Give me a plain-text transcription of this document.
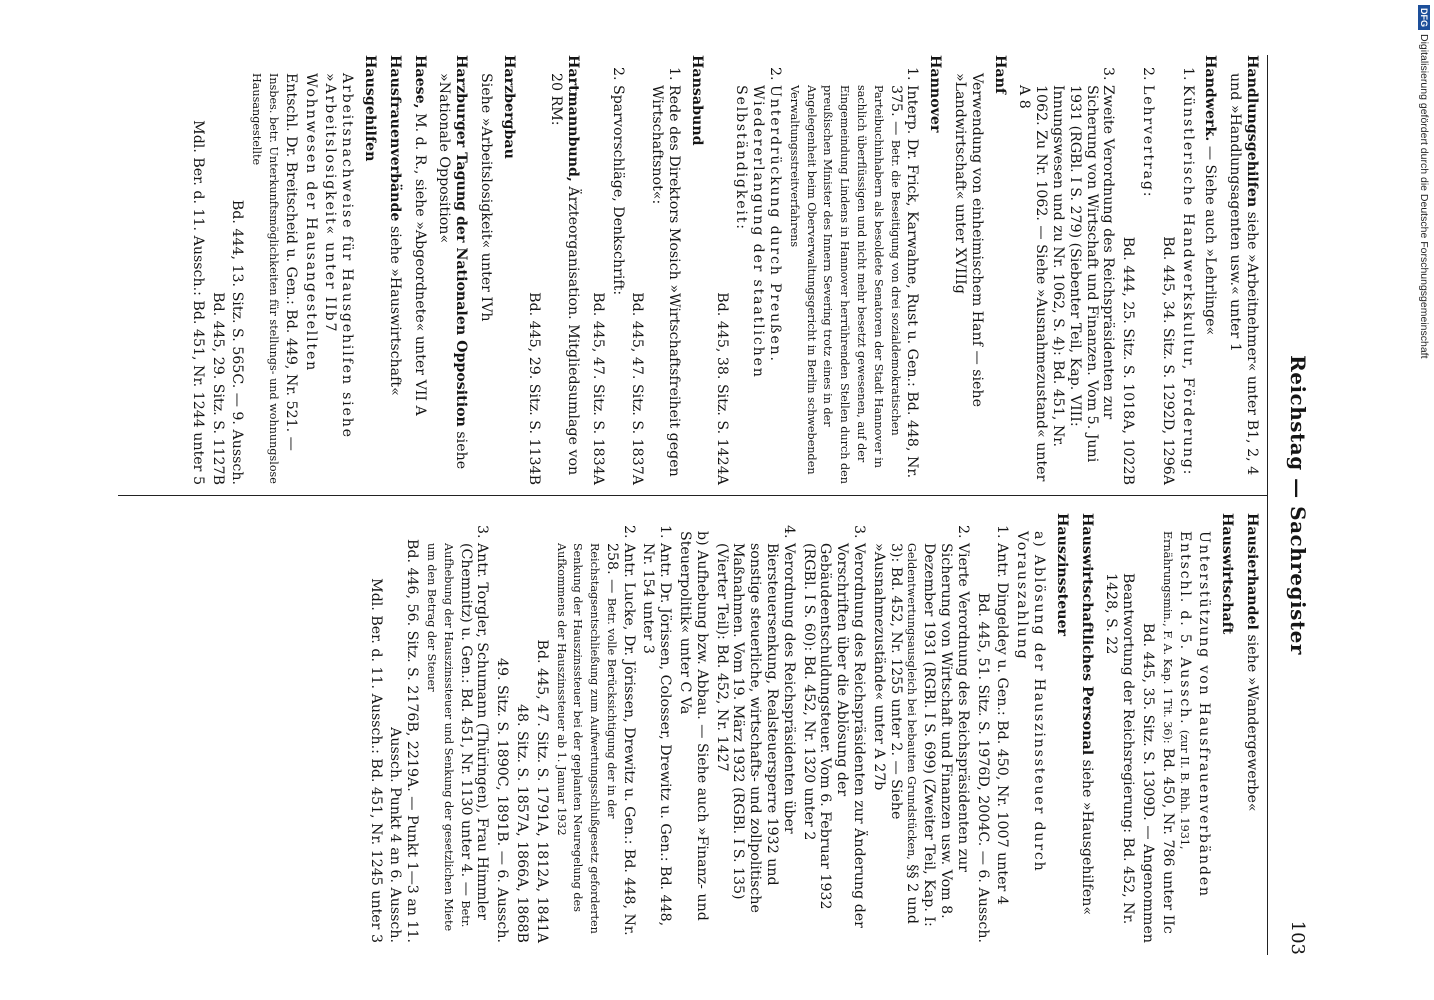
Reichstag — Sachregister
103

Handlungsgehilfen siehe »Arbeitnehmer« unter B1, 2, 4 und »Handlungsagenten usw.« unter 1

Handwerk. — Siehe auch »Lehrlinge«

1.
Künstlerische Handwerkskultur, Förderung:
Bd. 445, 34. Sitz. S. 1292D, 1296A
2.
Lehrvertrag:
Bd. 444, 25. Sitz. S. 1018A, 1022B
3.
Zweite Verordnung des Reichspräsidenten zur Sicherung von Wirtschaft und Finanzen. Vom 5. Juni 1931 (RGBl. I S. 279) (Siebenter Teil, Kap. VIII: Innungswesen und zu Nr. 1062, S. 4): Bd. 451, Nr. 1062. Zu Nr. 1062. — Siehe »Ausnahmezustand« unter A 8

Hanf

Verwendung von einheimischem Hanf — siehe »Landwirtschaft« unter XVIIIg

Hannover

1.
Interp. Dr. Frick, Karwahne, Rust u. Gen.: Bd. 448, Nr. 375. — Betr. die Beseitigung von drei sozialdemokratischen Parteibuchinhabern als besoldete Senatoren der Stadt Hannover in sachlich überflüssigen und nicht mehr besetzt gewesenen, auf der Eingemeindung Lindens in Hannover herrührenden Stellen durch den preußischen Minister des Innern Severing trotz eines in der Angelegenheit beim Oberverwaltungsgericht in Berlin schwebenden Verwaltungsstreitverfahrens
2.
Unterdrückung durch Preußen. Wiedererlangung der staatlichen Selbständigkeit:
Bd. 445, 38. Sitz. S. 1424A

Hansabund

1.
Rede des Direktors Mosich »Wirtschaftsfreiheit gegen Wirtschaftsnot«:
Bd. 445, 47. Sitz. S. 1837A
2.
Sparvorschläge, Denkschrift:
Bd. 445, 47. Sitz. S. 1834A

Hartmannbund, Ärzteorganisation. Mitgliedsumlage von 20 RM:

Bd. 445, 29. Sitz. S. 1134B

Harzbergbau

Siehe »Arbeitslosigkeit« unter IVh

Harzburger Tagung der Nationalen Opposition siehe »Nationale Opposition«

Haese, M. d. R., siehe »Abgeordnete« unter VII A

Hausfrauenverbände siehe »Hauswirtschaft«

Hausgehilfen

Arbeitsnachweise für Hausgehilfen siehe »Arbeitslosigkeit« unter IIb7
Wohnwesen der Hausangestellten
Entschl. Dr. Breitscheid u. Gen.: Bd. 449, Nr. 521. — Insbes. betr. Unterkunftsmöglichkeiten für stellungs- und wohnungslose Hausangestellte
Bd. 444, 13. Sitz. S. 565C. — 9. Aussch.
Bd. 445, 29. Sitz. S. 1127B
Mdl. Ber. d. 11. Aussch.: Bd. 451, Nr. 1244 unter 5

Hausierhandel siehe »Wandergewerbe«

Hauswirtschaft

Unterstützung von Hausfrauenverbänden
Entschl. d. 5. Aussch. (zur II. B. Rhh. 1931, Ernährungsmin., F. A. Kap. 1 Tit. 36): Bd. 450, Nr. 786 unter IIc
Bd. 445, 35. Sitz. S. 1309D. — Angenommen
Beantwortung der Reichsregierung: Bd. 452, Nr. 1428, S. 22

Hauswirtschaftliches Personal siehe »Hausgehilfen«

Hauszinssteuer

a) Ablösung der Hauszinssteuer durch Vorauszahlung
1.
Antr. Dingeldey u. Gen.: Bd. 450, Nr. 1007 unter 4
Bd. 445, 51. Sitz. S. 1976D, 2004C. — 6. Aussch.
2.
Vierte Verordnung des Reichspräsidenten zur Sicherung von Wirtschaft und Finanzen usw. Vom 8. Dezember 1931 (RGBl. I S. 699) (Zweiter Teil, Kap. I: Geldentwertungsausgleich bei bebauten Grundstücken, §§ 2 und 3): Bd. 452, Nr. 1255 unter 2. — Siehe »Ausnahmezustände« unter A 27b
3.
Verordnung des Reichspräsidenten zur Änderung der Vorschriften über die Ablösung der Gebäudeentschuldungsteuer. Vom 6. Februar 1932 (RGBl. I S. 60): Bd. 452, Nr. 1320 unter 2
4.
Verordnung des Reichspräsidenten über Biersteuersenkung, Realsteuersperre 1932 und sonstige steuerliche, wirtschafts- und zollpolitische Maßnahmen. Vom 19. März 1932 (RGBl. I S. 135) (Vierter Teil): Bd. 452, Nr. 1427
b) Aufhebung bzw. Abbau. — Siehe auch »Finanz- und Steuerpolitik« unter C Va
1.
Antr. Dr. Jörissen, Colosser, Drewitz u. Gen.: Bd. 448, Nr. 154 unter 3
2.
Antr. Lucke, Dr. Jörissen, Drewitz u. Gen.: Bd. 448, Nr. 258. — Betr. volle Berücksichtigung der in der Reichstagsentschließung zum Aufwertungsschlußgesetz geforderten Senkung der Hauszinssteuer bei der geplanten Neuregelung des Aufkommens der Hauszinssteuer ab 1. Januar 1932
Bd. 445, 47. Sitz. S. 1791A, 1812A, 1841A
48. Sitz. S. 1857A, 1866A, 1868B
49. Sitz. S. 1890C, 1891B. — 6. Aussch.
3.
Antr. Torgler, Schumann (Thüringen), Frau Himmler (Chemnitz) u. Gen.: Bd. 451, Nr. 1130 unter 4. — Betr. Aufhebung der Hauszinssteuer und Senkung der gesetzlichen Miete um den Betrag der Steuer
Bd. 446, 56. Sitz. S. 2176B, 2219A. — Punkt 1—3 an 11. Aussch. Punkt 4 an 6. Aussch.
Mdl. Ber. d. 11. Aussch.: Bd. 451, Nr. 1245 unter 3
DFGDigitalisierung gefördert durch die Deutsche Forschungsgemeinschaft
